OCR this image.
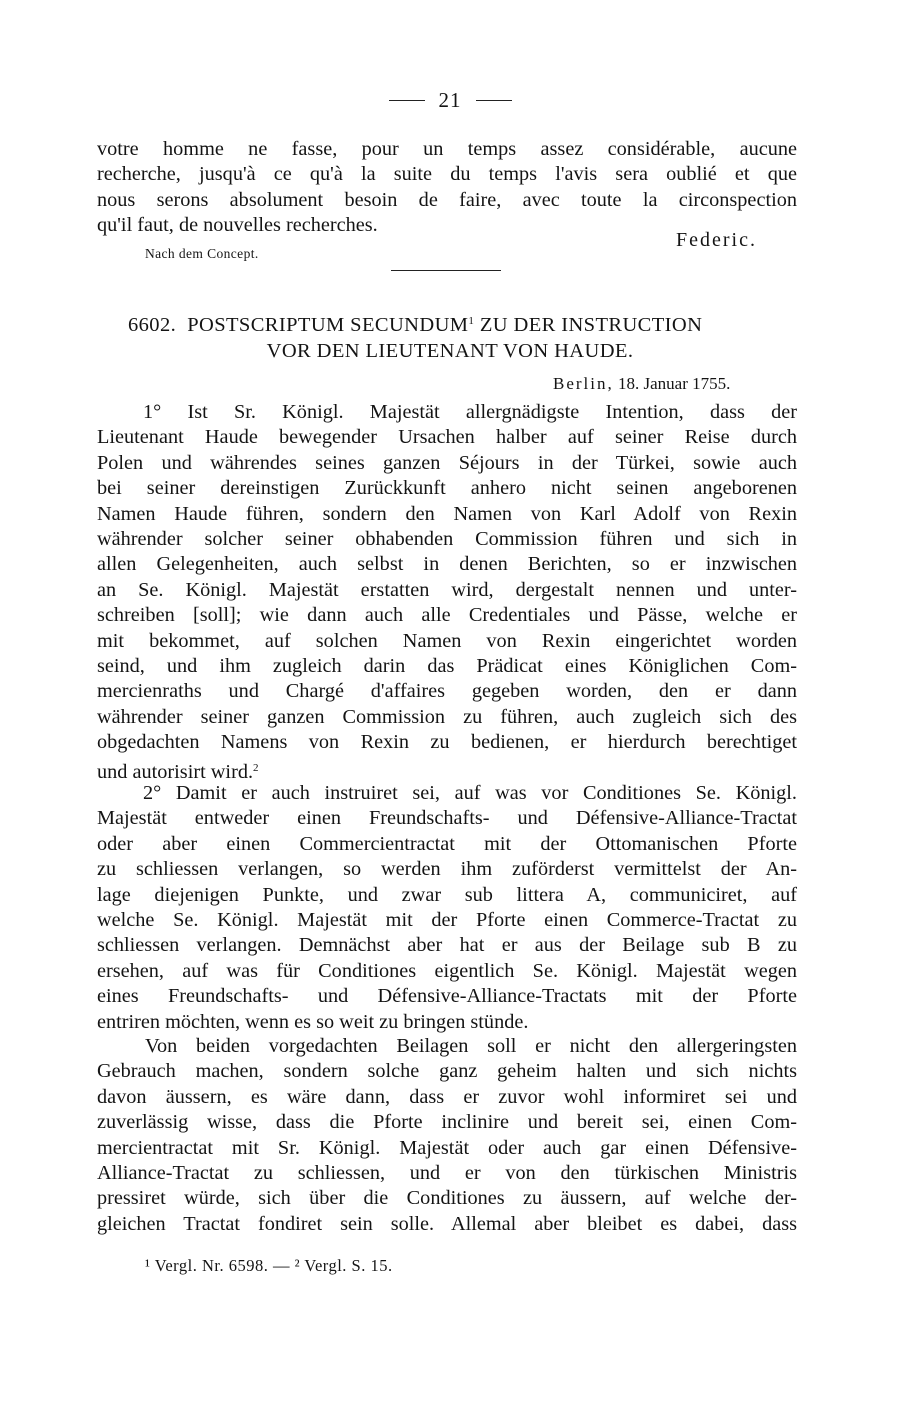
21
votre homme ne fasse, pour un temps assez considérable, aucune
recherche, jusqu'à ce qu'à la suite du temps l'avis sera oublié et que
nous serons absolument besoin de faire, avec toute la circonspection
qu'il faut, de nouvelles recherches.
Federic.
Nach dem Concept.
6602. POSTSCRIPTUM SECUNDUM$^1$ ZU DER INSTRUCTION
VOR DEN LIEUTENANT VON HAUDE.
Berlin, 18. Januar 1755.
1° Ist Sr. Königl. Majestät allergnädigste Intention, dass der
Lieutenant Haude bewegender Ursachen halber auf seiner Reise durch
Polen und währendes seines ganzen Séjours in der Türkei, sowie auch
bei seiner dereinstigen Zurückkunft anhero nicht seinen angeborenen
Namen Haude führen, sondern den Namen von Karl Adolf von Rexin
währender solcher seiner obhabenden Commission führen und sich in
allen Gelegenheiten, auch selbst in denen Berichten, so er inzwischen
an Se. Königl. Majestät erstatten wird, dergestalt nennen und unter-
schreiben [soll]; wie dann auch alle Credentiales und Pässe, welche er
mit bekommet, auf solchen Namen von Rexin eingerichtet worden
seind, und ihm zugleich darin das Prädicat eines Königlichen Com-
mercienraths und Chargé d'affaires gegeben worden, den er dann
währender seiner ganzen Commission zu führen, auch zugleich sich des
obgedachten Namens von Rexin zu bedienen, er hierdurch berechtiget
und autorisirt wird.$^2$
2° Damit er auch instruiret sei, auf was vor Conditiones Se. Königl.
Majestät entweder einen Freundschafts- und Défensive-Alliance-Tractat
oder aber einen Commercientractat mit der Ottomanischen Pforte
zu schliessen verlangen, so werden ihm zuförderst vermittelst der An-
lage diejenigen Punkte, und zwar sub littera A, communiciret, auf
welche Se. Königl. Majestät mit der Pforte einen Commerce-Tractat zu
schliessen verlangen. Demnächst aber hat er aus der Beilage sub B zu
ersehen, auf was für Conditiones eigentlich Se. Königl. Majestät wegen
eines Freundschafts- und Défensive-Alliance-Tractats mit der Pforte
entriren möchten, wenn es so weit zu bringen stünde.
Von beiden vorgedachten Beilagen soll er nicht den allergeringsten
Gebrauch machen, sondern solche ganz geheim halten und sich nichts
davon äussern, es wäre dann, dass er zuvor wohl informiret sei und
zuverlässig wisse, dass die Pforte inclinire und bereit sei, einen Com-
mercientractat mit Sr. Königl. Majestät oder auch gar einen Défensive-
Alliance-Tractat zu schliessen, und er von den türkischen Ministris
pressiret würde, sich über die Conditiones zu äussern, auf welche der-
gleichen Tractat fondiret sein solle. Allemal aber bleibet es dabei, dass
¹ Vergl. Nr. 6598. — ² Vergl. S. 15.
